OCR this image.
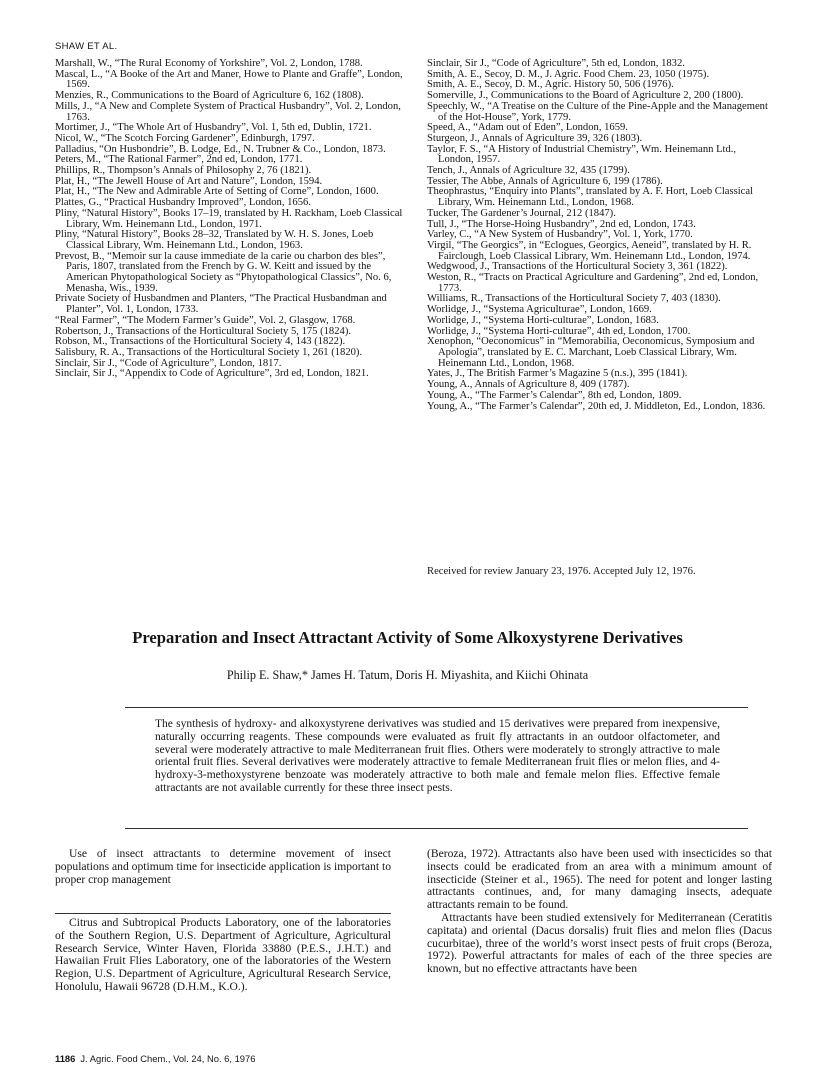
SHAW ET AL.
Marshall, W., “The Rural Economy of Yorkshire”, Vol. 2, London, 1788.
Mascal, L., “A Booke of the Art and Maner, Howe to Plante and Graffe”, London, 1569.
Menzies, R., Communications to the Board of Agriculture 6, 162 (1808).
Mills, J., “A New and Complete System of Practical Husbandry”, Vol. 2, London, 1763.
Mortimer, J., “The Whole Art of Husbandry”, Vol. 1, 5th ed, Dublin, 1721.
Nicol, W., “The Scotch Forcing Gardener”, Edinburgh, 1797.
Palladius, “On Husbondrie”, B. Lodge, Ed., N. Trubner & Co., London, 1873.
Peters, M., “The Rational Farmer”, 2nd ed, London, 1771.
Phillips, R., Thompson’s Annals of Philosophy 2, 76 (1821).
Plat, H., “The Jewell House of Art and Nature”, London, 1594.
Plat, H., “The New and Admirable Arte of Setting of Corne”, London, 1600.
Plattes, G., “Practical Husbandry Improved”, London, 1656.
Pliny, “Natural History”, Books 17–19, translated by H. Rackham, Loeb Classical Library, Wm. Heinemann Ltd., London, 1971.
Pliny, “Natural History”, Books 28–32, Translated by W. H. S. Jones, Loeb Classical Library, Wm. Heinemann Ltd., London, 1963.
Prevost, B., “Memoir sur la cause immediate de la carie ou charbon des bles”, Paris, 1807, translated from the French by G. W. Keitt and issued by the American Phytopathological Society as “Phytopathological Classics”, No. 6, Menasha, Wis., 1939.
Private Society of Husbandmen and Planters, “The Practical Husbandman and Planter”, Vol. 1, London, 1733.
“Real Farmer”, “The Modern Farmer’s Guide”, Vol. 2, Glasgow, 1768.
Robertson, J., Transactions of the Horticultural Society 5, 175 (1824).
Robson, M., Transactions of the Horticultural Society 4, 143 (1822).
Salisbury, R. A., Transactions of the Horticultural Society 1, 261 (1820).
Sinclair, Sir J., “Code of Agriculture”, London, 1817.
Sinclair, Sir J., “Appendix to Code of Agriculture”, 3rd ed, London, 1821.
Sinclair, Sir J., “Code of Agriculture”, 5th ed, London, 1832.
Smith, A. E., Secoy, D. M., J. Agric. Food Chem. 23, 1050 (1975).
Smith, A. E., Secoy, D. M., Agric. History 50, 506 (1976).
Somerville, J., Communications to the Board of Agriculture 2, 200 (1800).
Speechly, W., “A Treatise on the Culture of the Pine-Apple and the Management of the Hot-House”, York, 1779.
Speed, A., “Adam out of Eden”, London, 1659.
Sturgeon, J., Annals of Agriculture 39, 326 (1803).
Taylor, F. S., “A History of Industrial Chemistry”, Wm. Heinemann Ltd., London, 1957.
Tench, J., Annals of Agriculture 32, 435 (1799).
Tessier, The Abbe, Annals of Agriculture 6, 199 (1786).
Theophrastus, “Enquiry into Plants”, translated by A. F. Hort, Loeb Classical Library, Wm. Heinemann Ltd., London, 1968.
Tucker, The Gardener’s Journal, 212 (1847).
Tull, J., “The Horse-Hoing Husbandry”, 2nd ed, London, 1743.
Varley, C., “A New System of Husbandry”, Vol. 1, York, 1770.
Virgil, “The Georgics”, in “Eclogues, Georgics, Aeneid”, translated by H. R. Fairclough, Loeb Classical Library, Wm. Heinemann Ltd., London, 1974.
Wedgwood, J., Transactions of the Horticultural Society 3, 361 (1822).
Weston, R., “Tracts on Practical Agriculture and Gardening”, 2nd ed, London, 1773.
Williams, R., Transactions of the Horticultural Society 7, 403 (1830).
Worlidge, J., “Systema Agriculturae”, London, 1669.
Worlidge, J., “Systema Horti-culturae”, London, 1683.
Worlidge, J., “Systema Horti-culturae”, 4th ed, London, 1700.
Xenophon, “Oeconomicus” in “Memorabilia, Oeconomicus, Symposium and Apologia”, translated by E. C. Marchant, Loeb Classical Library, Wm. Heinemann Ltd., London, 1968.
Yates, J., The British Farmer’s Magazine 5 (n.s.), 395 (1841).
Young, A., Annals of Agriculture 8, 409 (1787).
Young, A., “The Farmer’s Calendar”, 8th ed, London, 1809.
Young, A., “The Farmer’s Calendar”, 20th ed, J. Middleton, Ed., London, 1836.
Received for review January 23, 1976. Accepted July 12, 1976.
Preparation and Insect Attractant Activity of Some Alkoxystyrene Derivatives
Philip E. Shaw,* James H. Tatum, Doris H. Miyashita, and Kiichi Ohinata
The synthesis of hydroxy- and alkoxystyrene derivatives was studied and 15 derivatives were prepared from inexpensive, naturally occurring reagents. These compounds were evaluated as fruit fly attractants in an outdoor olfactometer, and several were moderately attractive to male Mediterranean fruit flies. Others were moderately to strongly attractive to male oriental fruit flies. Several derivatives were moderately attractive to female Mediterranean fruit flies or melon flies, and 4-hydroxy-3-methoxystyrene benzoate was moderately attractive to both male and female melon flies. Effective female attractants are not available currently for these three insect pests.

Use of insect attractants to determine movement of insect populations and optimum time for insecticide application is important to proper crop management

Citrus and Subtropical Products Laboratory, one of the laboratories of the Southern Region, U.S. Department of Agriculture, Agricultural Research Service, Winter Haven, Florida 33880 (P.E.S., J.H.T.) and Hawaiian Fruit Flies Laboratory, one of the laboratories of the Western Region, U.S. Department of Agriculture, Agricultural Research Service, Honolulu, Hawaii 96728 (D.H.M., K.O.).

(Beroza, 1972). Attractants also have been used with insecticides so that insects could be eradicated from an area with a minimum amount of insecticide (Steiner et al., 1965). The need for potent and longer lasting attractants continues, and, for many damaging insects, adequate attractants remain to be found.

Attractants have been studied extensively for Mediterranean (Ceratitis capitata) and oriental (Dacus dorsalis) fruit flies and melon flies (Dacus cucurbitae), three of the world’s worst insect pests of fruit crops (Beroza, 1972). Powerful attractants for males of each of the three species are known, but no effective attractants have been

1186 J. Agric. Food Chem., Vol. 24, No. 6, 1976
